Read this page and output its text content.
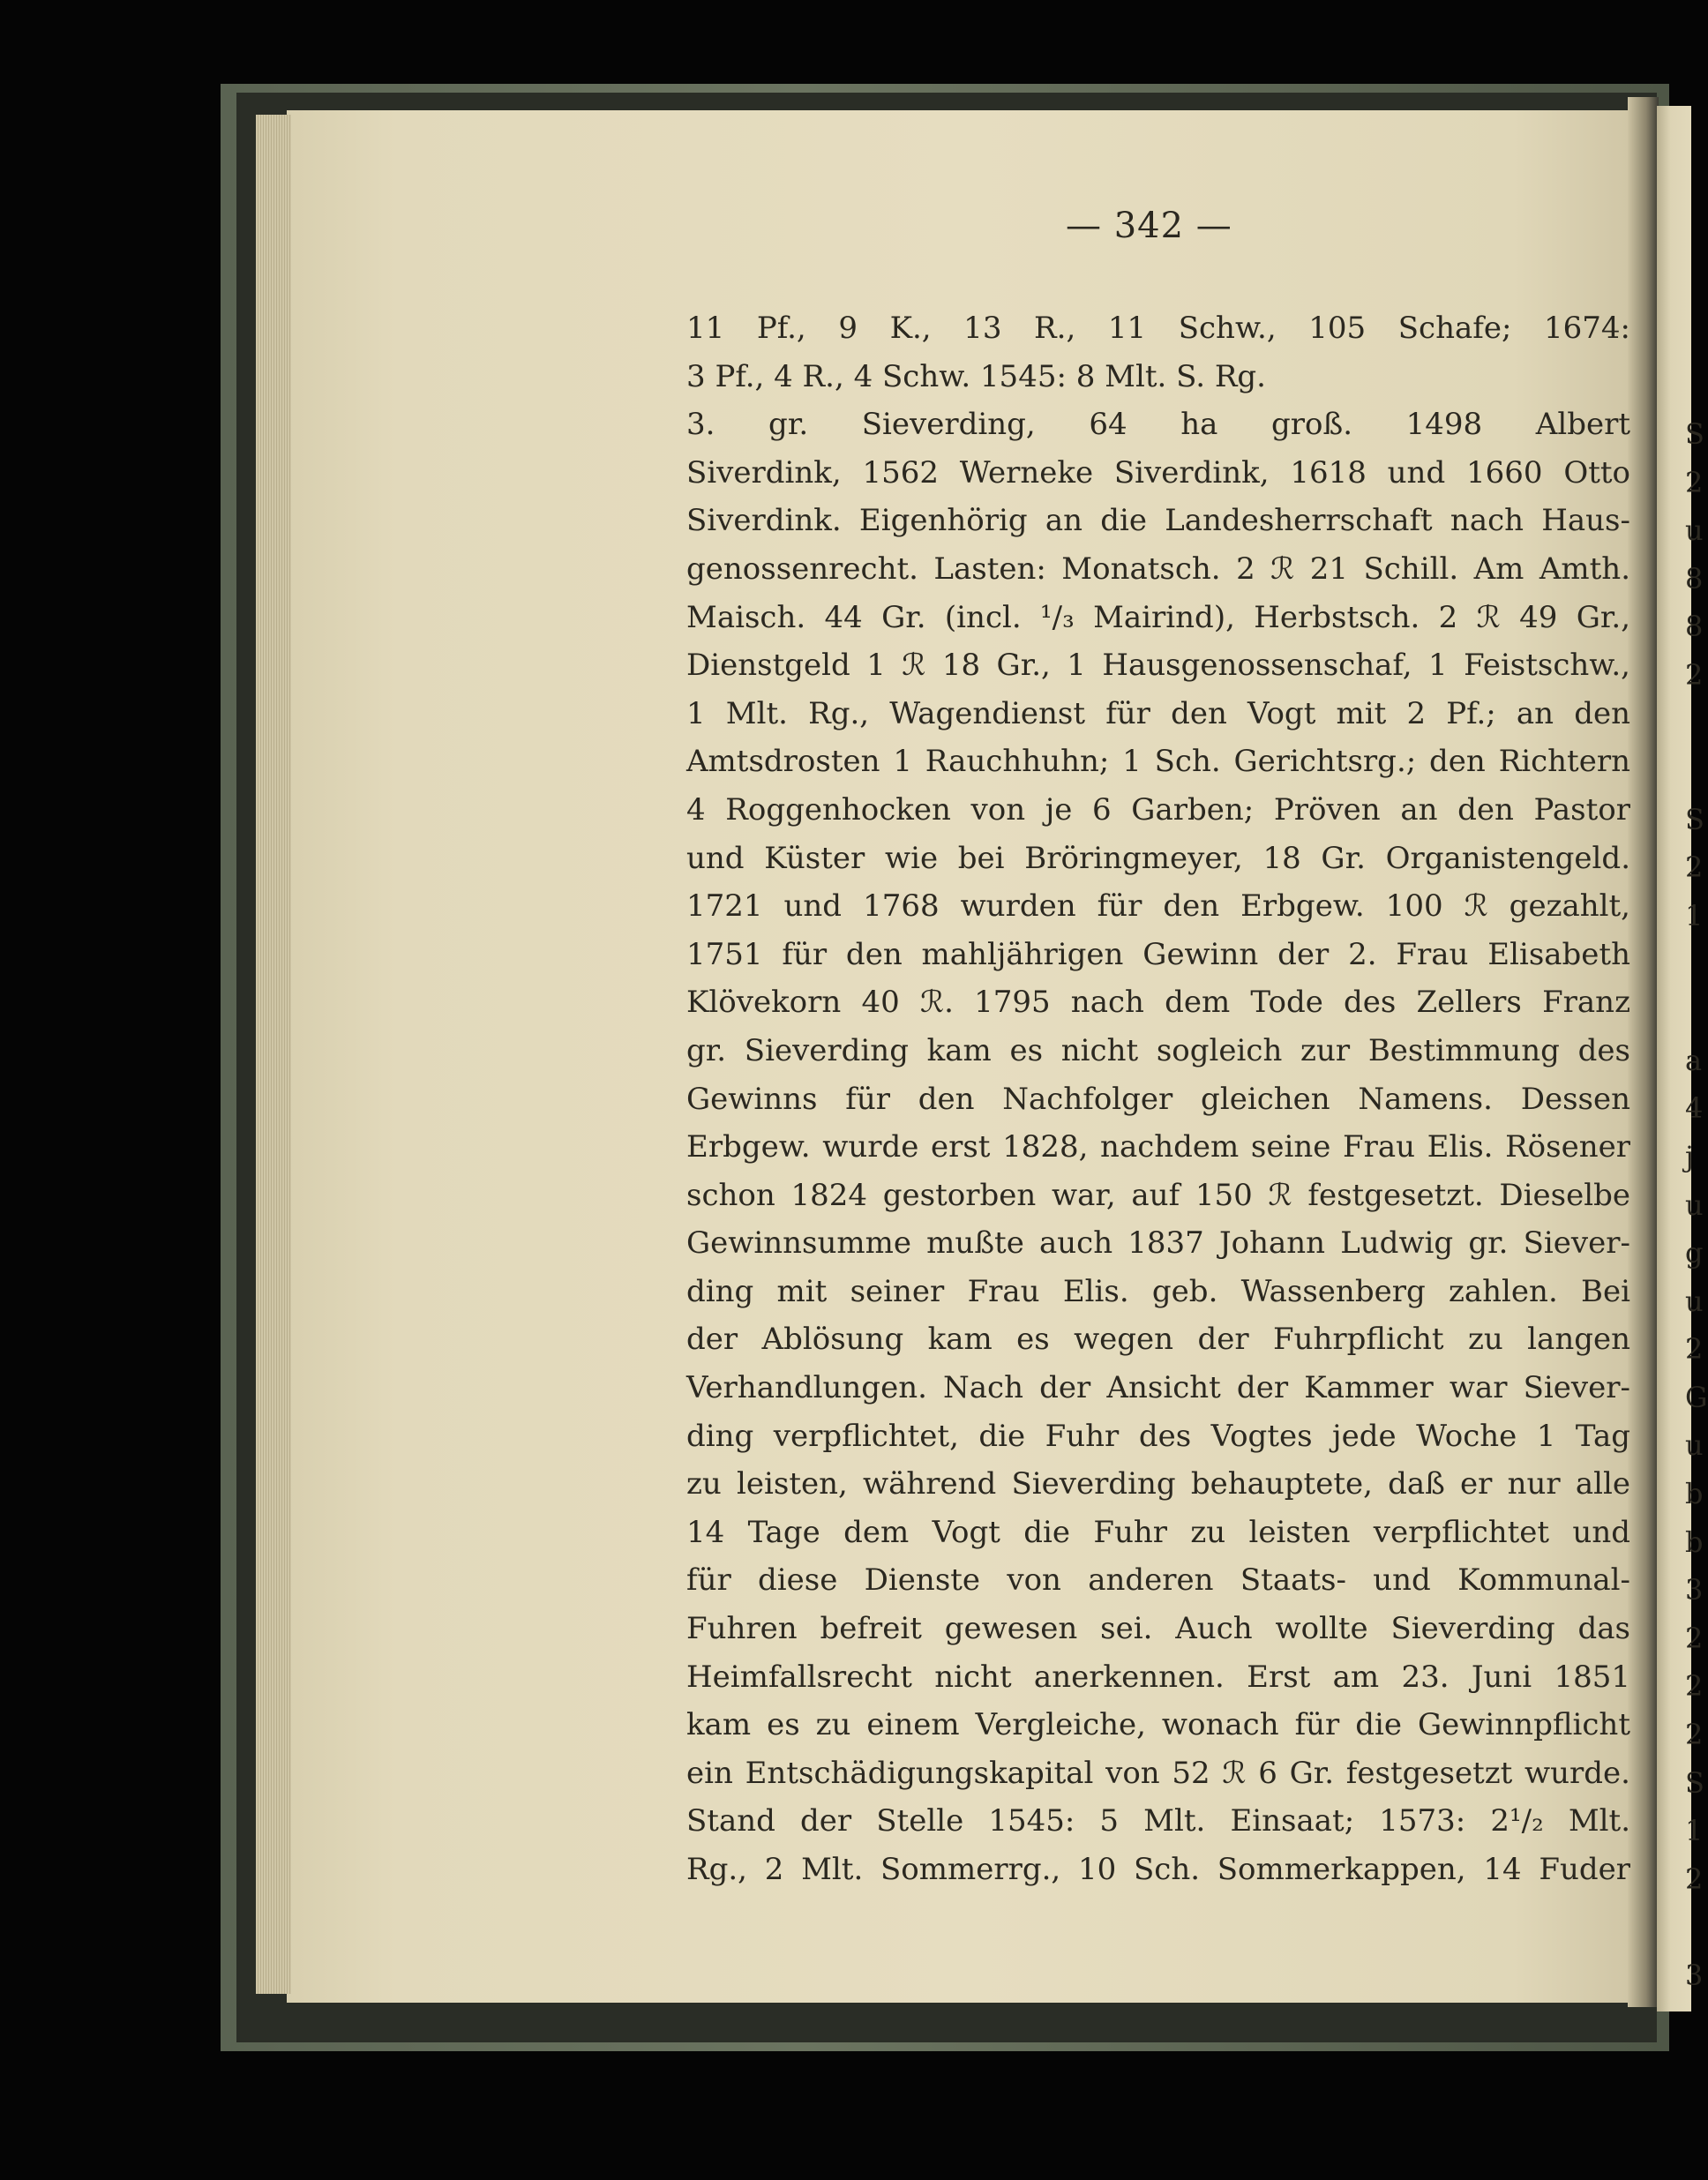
S
2
u
8
8
2
S
2
1
a
4
j
u
g
u
2
G
u
b
b
3
2
2
2
S
1
2
3
— 342 —
11 Pf., 9 K., 13 R., 11 Schw., 105 Schafe; 1674:
3 Pf., 4 R., 4 Schw. 1545: 8 Mlt. S. Rg.
3. gr. Sieverding, 64 ha groß. 1498 Albert
Siverdink, 1562 Werneke Siverdink, 1618 und 1660 Otto
Siverdink. Eigenhörig an die Landesherrschaft nach Haus-
genossenrecht. Lasten: Monatsch. 2 ℛ 21 Schill. Am Amth.
Maisch. 44 Gr. (incl. ¹/₃ Mairind), Herbstsch. 2 ℛ 49 Gr.,
Dienstgeld 1 ℛ 18 Gr., 1 Hausgenossenschaf, 1 Feistschw.,
1 Mlt. Rg., Wagendienst für den Vogt mit 2 Pf.; an den
Amtsdrosten 1 Rauchhuhn; 1 Sch. Gerichtsrg.; den Richtern
4 Roggenhocken von je 6 Garben; Pröven an den Pastor
und Küster wie bei Bröringmeyer, 18 Gr. Organistengeld.
1721 und 1768 wurden für den Erbgew. 100 ℛ gezahlt,
1751 für den mahljährigen Gewinn der 2. Frau Elisabeth
Klövekorn 40 ℛ. 1795 nach dem Tode des Zellers Franz
gr. Sieverding kam es nicht sogleich zur Bestimmung des
Gewinns für den Nachfolger gleichen Namens. Dessen
Erbgew. wurde erst 1828, nachdem seine Frau Elis. Rösener
schon 1824 gestorben war, auf 150 ℛ festgesetzt. Dieselbe
Gewinnsumme mußte auch 1837 Johann Ludwig gr. Siever-
ding mit seiner Frau Elis. geb. Wassenberg zahlen. Bei
der Ablösung kam es wegen der Fuhrpflicht zu langen
Verhandlungen. Nach der Ansicht der Kammer war Siever-
ding verpflichtet, die Fuhr des Vogtes jede Woche 1 Tag
zu leisten, während Sieverding behauptete, daß er nur alle
14 Tage dem Vogt die Fuhr zu leisten verpflichtet und
für diese Dienste von anderen Staats- und Kommunal-
Fuhren befreit gewesen sei. Auch wollte Sieverding das
Heimfallsrecht nicht anerkennen. Erst am 23. Juni 1851
kam es zu einem Vergleiche, wonach für die Gewinnpflicht
ein Entschädigungskapital von 52 ℛ 6 Gr. festgesetzt wurde.
Stand der Stelle 1545: 5 Mlt. Einsaat; 1573: 2¹/₂ Mlt.
Rg., 2 Mlt. Sommerrg., 10 Sch. Sommerkappen, 14 Fuder
